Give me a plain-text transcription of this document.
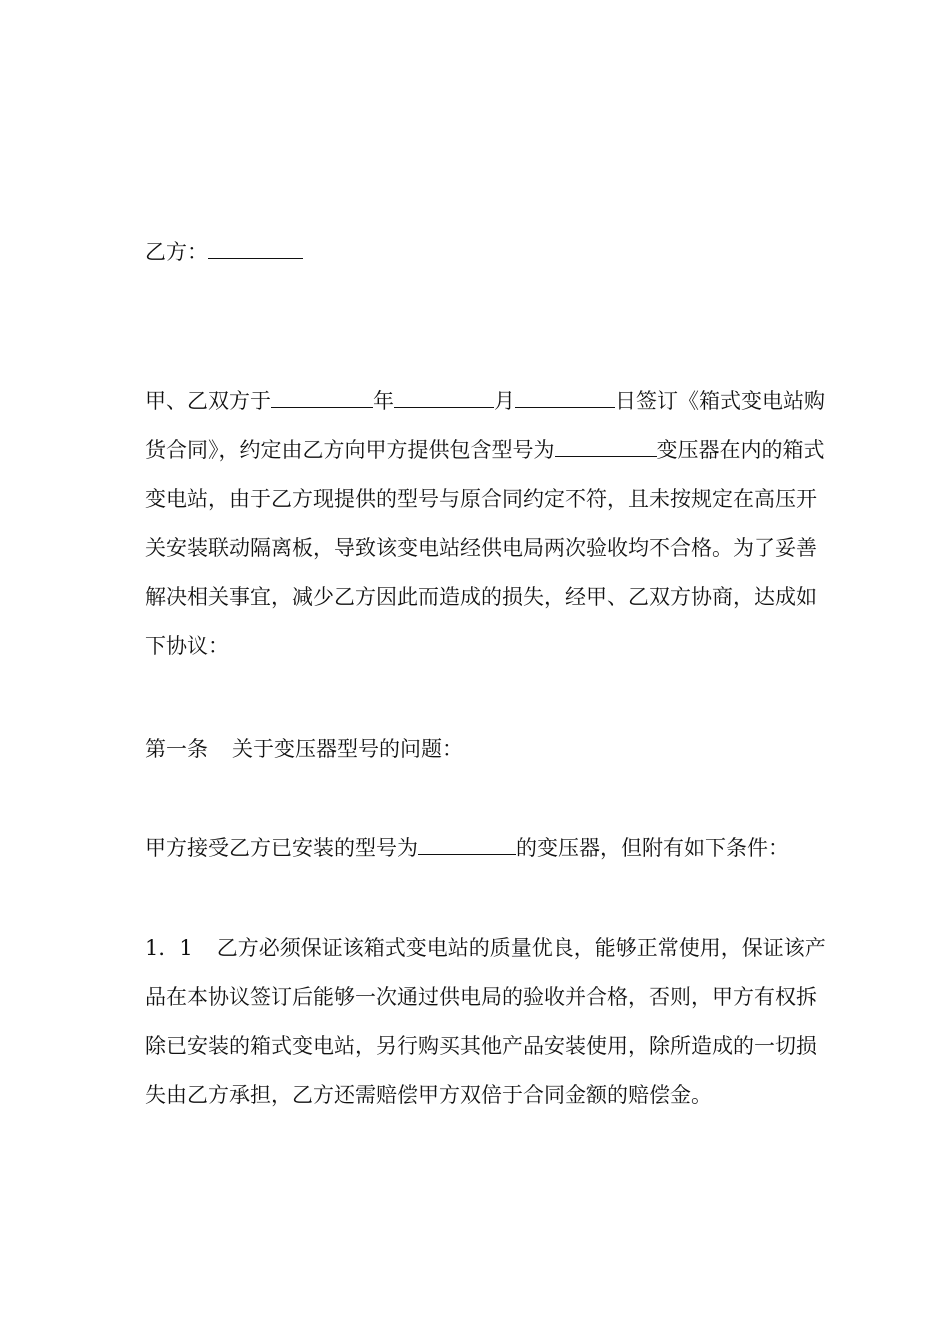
乙方：
甲、乙双方于	年	月	日签订《箱式变电站购货合同》，约定由乙方向甲方提供包含型号为	变压器在内的箱式变电站，由于乙方现提供的型号与原合同约定不符，且未按规定在高压开关安装联动隔离板，导致该变电站经供电局两次验收均不合格。为了妥善解决相关事宜，减少乙方因此而造成的损失，经甲、乙双方协商，达成如下协议：
第一条 关于变压器型号的问题：
甲方接受乙方已安装的型号为	的变压器，但附有如下条件：
1．1 乙方必须保证该箱式变电站的质量优良，能够正常使用，保证该产品在本协议签订后能够一次通过供电局的验收并合格，否则，甲方有权拆除已安装的箱式变电站，另行购买其他产品安装使用，除所造成的一切损失由乙方承担，乙方还需赔偿甲方双倍于合同金额的赔偿金。
